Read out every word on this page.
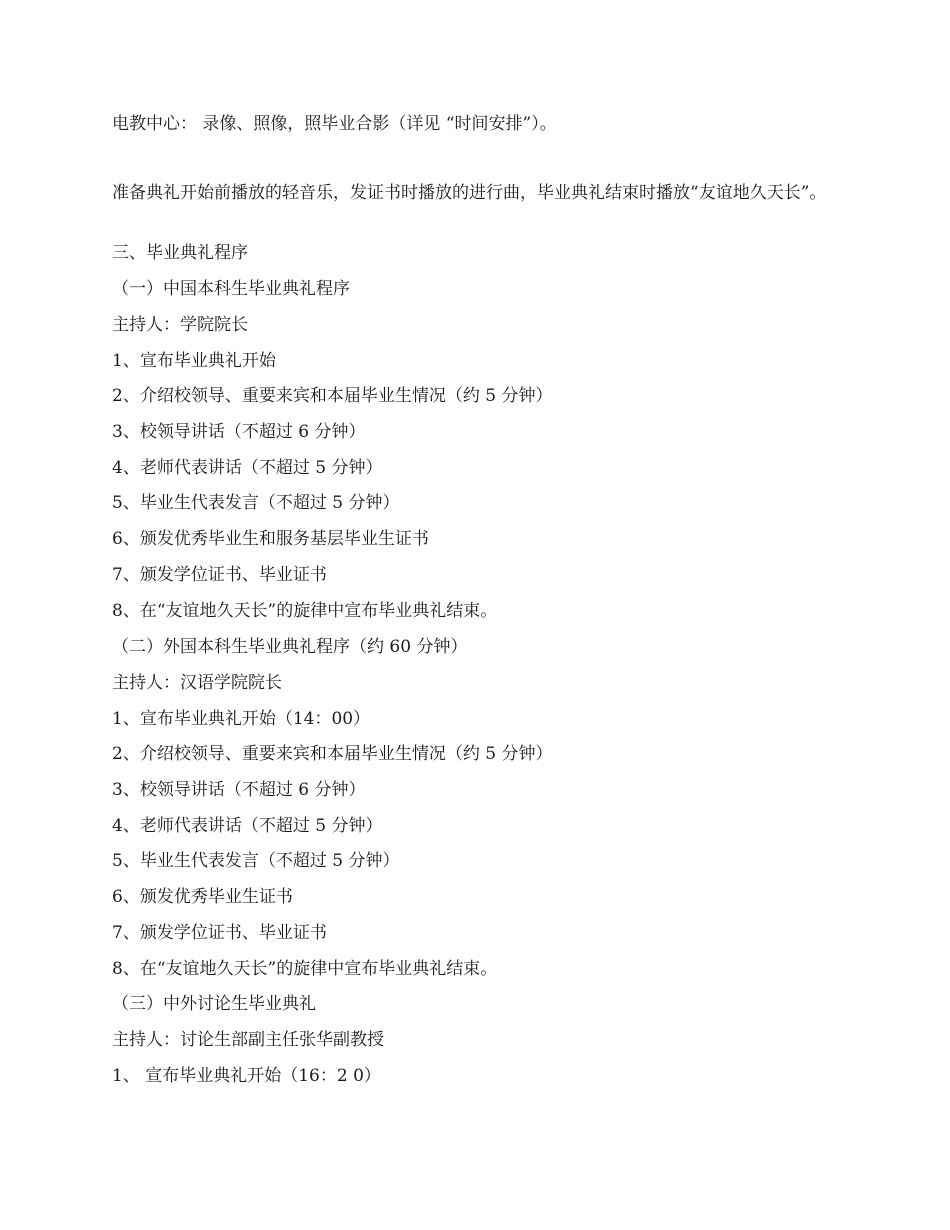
电教中心： 录像、照像，照毕业合影（详见 “时间安排”）。
准备典礼开始前播放的轻音乐，发证书时播放的进行曲，毕业典礼结束时播放“友谊地久天长”。
三、毕业典礼程序
（一）中国本科生毕业典礼程序
主持人：学院院长
1、宣布毕业典礼开始
2、介绍校领导、重要来宾和本届毕业生情况（约 5 分钟）
3、校领导讲话（不超过 6 分钟）
4、老师代表讲话（不超过 5 分钟）
5、毕业生代表发言（不超过 5 分钟）
6、颁发优秀毕业生和服务基层毕业生证书
7、颁发学位证书、毕业证书
8、在“友谊地久天长”的旋律中宣布毕业典礼结束。
（二）外国本科生毕业典礼程序（约 60 分钟）
主持人：汉语学院院长
1、宣布毕业典礼开始（14：00）
2、介绍校领导、重要来宾和本届毕业生情况（约 5 分钟）
3、校领导讲话（不超过 6 分钟）
4、老师代表讲话（不超过 5 分钟）
5、毕业生代表发言（不超过 5 分钟）
6、颁发优秀毕业生证书
7、颁发学位证书、毕业证书
8、在“友谊地久天长”的旋律中宣布毕业典礼结束。
（三）中外讨论生毕业典礼
主持人：讨论生部副主任张华副教授
1、 宣布毕业典礼开始（16：2 0）
